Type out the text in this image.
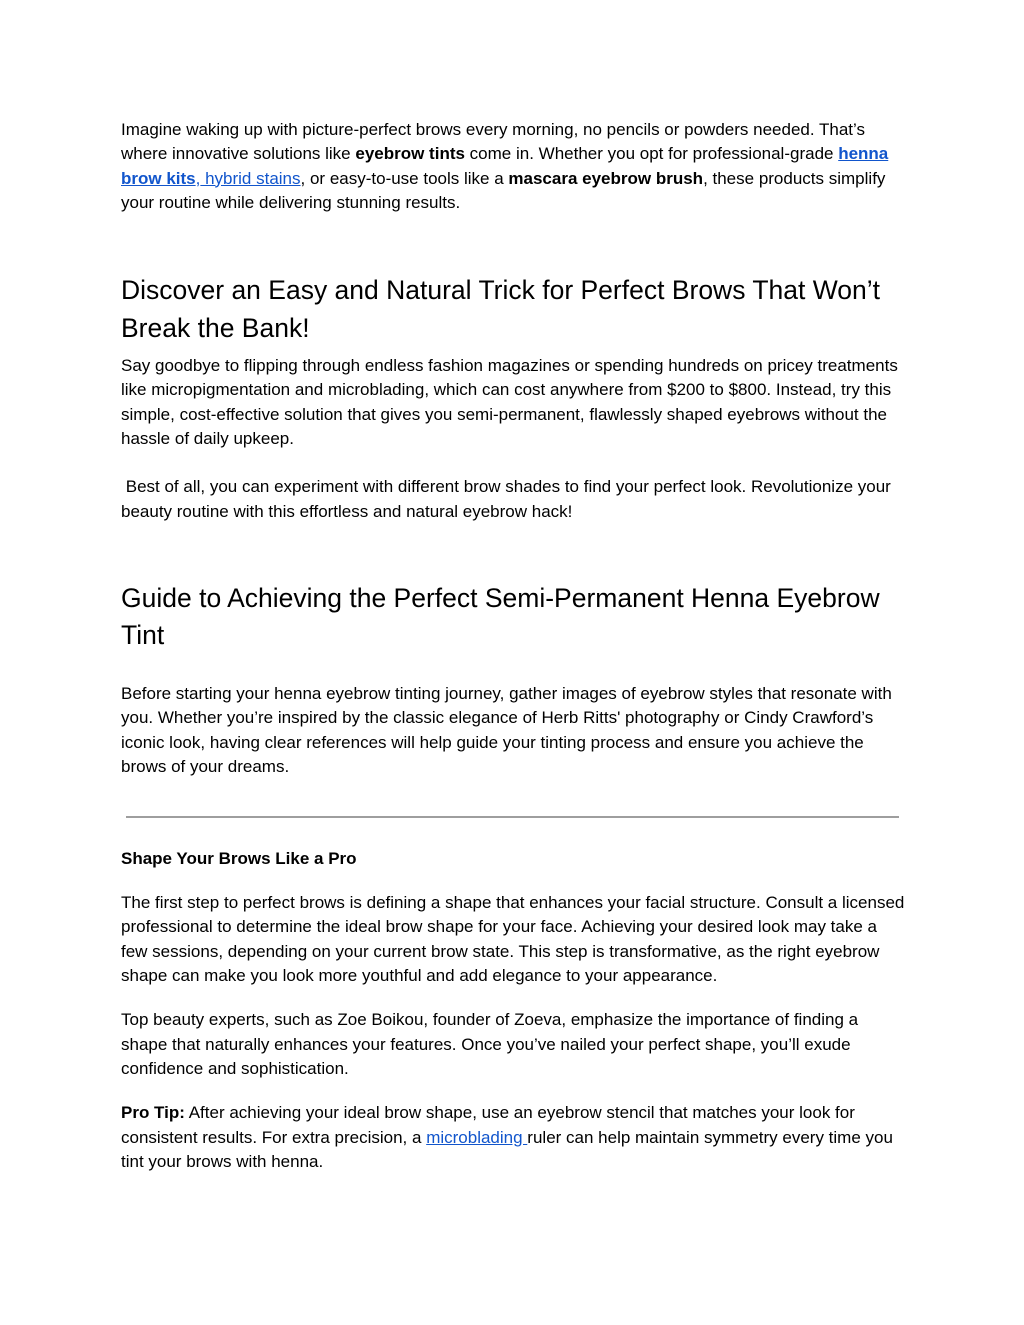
Imagine waking up with picture-perfect brows every morning, no pencils or powders needed. That’s where innovative solutions like eyebrow tints come in. Whether you opt for professional-grade henna brow kits, hybrid stains, or easy-to-use tools like a mascara eyebrow brush, these products simplify your routine while delivering stunning results.

Discover an Easy and Natural Trick for Perfect Brows That Won’t Break the Bank!

Say goodbye to flipping through endless fashion magazines or spending hundreds on pricey treatments like micropigmentation and microblading, which can cost anywhere from $200 to $800. Instead, try this simple, cost-effective solution that gives you semi-permanent, flawlessly shaped eyebrows without the hassle of daily upkeep.

Best of all, you can experiment with different brow shades to find your perfect look. Revolutionize your beauty routine with this effortless and natural eyebrow hack!

Guide to Achieving the Perfect Semi-Permanent Henna Eyebrow Tint

Before starting your henna eyebrow tinting journey, gather images of eyebrow styles that resonate with you. Whether you’re inspired by the classic elegance of Herb Ritts' photography or Cindy Crawford’s iconic look, having clear references will help guide your tinting process and ensure you achieve the brows of your dreams.

Shape Your Brows Like a Pro

The first step to perfect brows is defining a shape that enhances your facial structure. Consult a licensed professional to determine the ideal brow shape for your face. Achieving your desired look may take a few sessions, depending on your current brow state. This step is transformative, as the right eyebrow shape can make you look more youthful and add elegance to your appearance.

Top beauty experts, such as Zoe Boikou, founder of Zoeva, emphasize the importance of finding a shape that naturally enhances your features. Once you’ve nailed your perfect shape, you’ll exude confidence and sophistication.

Pro Tip: After achieving your ideal brow shape, use an eyebrow stencil that matches your look for consistent results. For extra precision, a microblading ruler can help maintain symmetry every time you tint your brows with henna.
